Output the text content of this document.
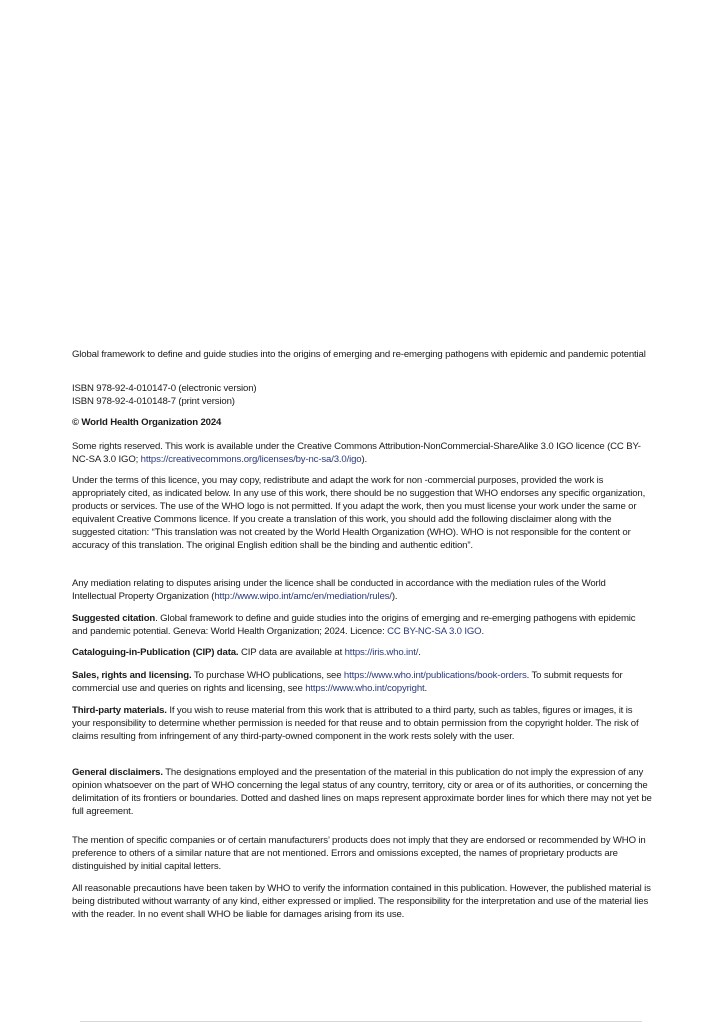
Global framework to define and guide studies into the origins of emerging and re-emerging pathogens with epidemic and pandemic potential

ISBN 978-92-4-010147-0 (electronic version)
ISBN 978-92-4-010148-7 (print version)

© World Health Organization 2024

Some rights reserved. This work is available under the Creative Commons Attribution-NonCommercial-ShareAlike 3.0 IGO licence (CC BY-NC-SA 3.0 IGO; https://creativecommons.org/licenses/by-nc-sa/3.0/igo).

Under the terms of this licence, you may copy, redistribute and adapt the work for non -commercial purposes, provided the work is appropriately cited, as indicated below. In any use of this work, there should be no suggestion that WHO endorses any specific organization, products or services. The use of the WHO logo is not permitted. If you adapt the work, then you must license your work under the same or equivalent Creative Commons licence. If you create a translation of this work, you should add the following disclaimer along with the suggested citation: “This translation was not created by the World Health Organization (WHO). WHO is not responsible for the content or accuracy of this translation. The original English edition shall be the binding and authentic edition”.

Any mediation relating to disputes arising under the licence shall be conducted in accordance with the mediation rules of the World Intellectual Property Organization (http://www.wipo.int/amc/en/mediation/rules/).

Suggested citation. Global framework to define and guide studies into the origins of emerging and re-emerging pathogens with epidemic and pandemic potential. Geneva: World Health Organization; 2024. Licence: CC BY-NC-SA 3.0 IGO.

Cataloguing-in-Publication (CIP) data. CIP data are available at https://iris.who.int/.

Sales, rights and licensing. To purchase WHO publications, see https://www.who.int/publications/book-orders. To submit requests for commercial use and queries on rights and licensing, see https://www.who.int/copyright.

Third-party materials. If you wish to reuse material from this work that is attributed to a third party, such as tables, figures or images, it is your responsibility to determine whether permission is needed for that reuse and to obtain permission from the copyright holder. The risk of claims resulting from infringement of any third-party-owned component in the work rests solely with the user.

General disclaimers. The designations employed and the presentation of the material in this publication do not imply the expression of any opinion whatsoever on the part of WHO concerning the legal status of any country, territory, city or area or of its authorities, or concerning the delimitation of its frontiers or boundaries. Dotted and dashed lines on maps represent approximate border lines for which there may not yet be full agreement.

The mention of specific companies or of certain manufacturers’ products does not imply that they are endorsed or recommended by WHO in preference to others of a similar nature that are not mentioned. Errors and omissions excepted, the names of proprietary products are distinguished by initial capital letters.

All reasonable precautions have been taken by WHO to verify the information contained in this publication. However, the published material is being distributed without warranty of any kind, either expressed or implied. The responsibility for the interpretation and use of the material lies with the reader. In no event shall WHO be liable for damages arising from its use.
